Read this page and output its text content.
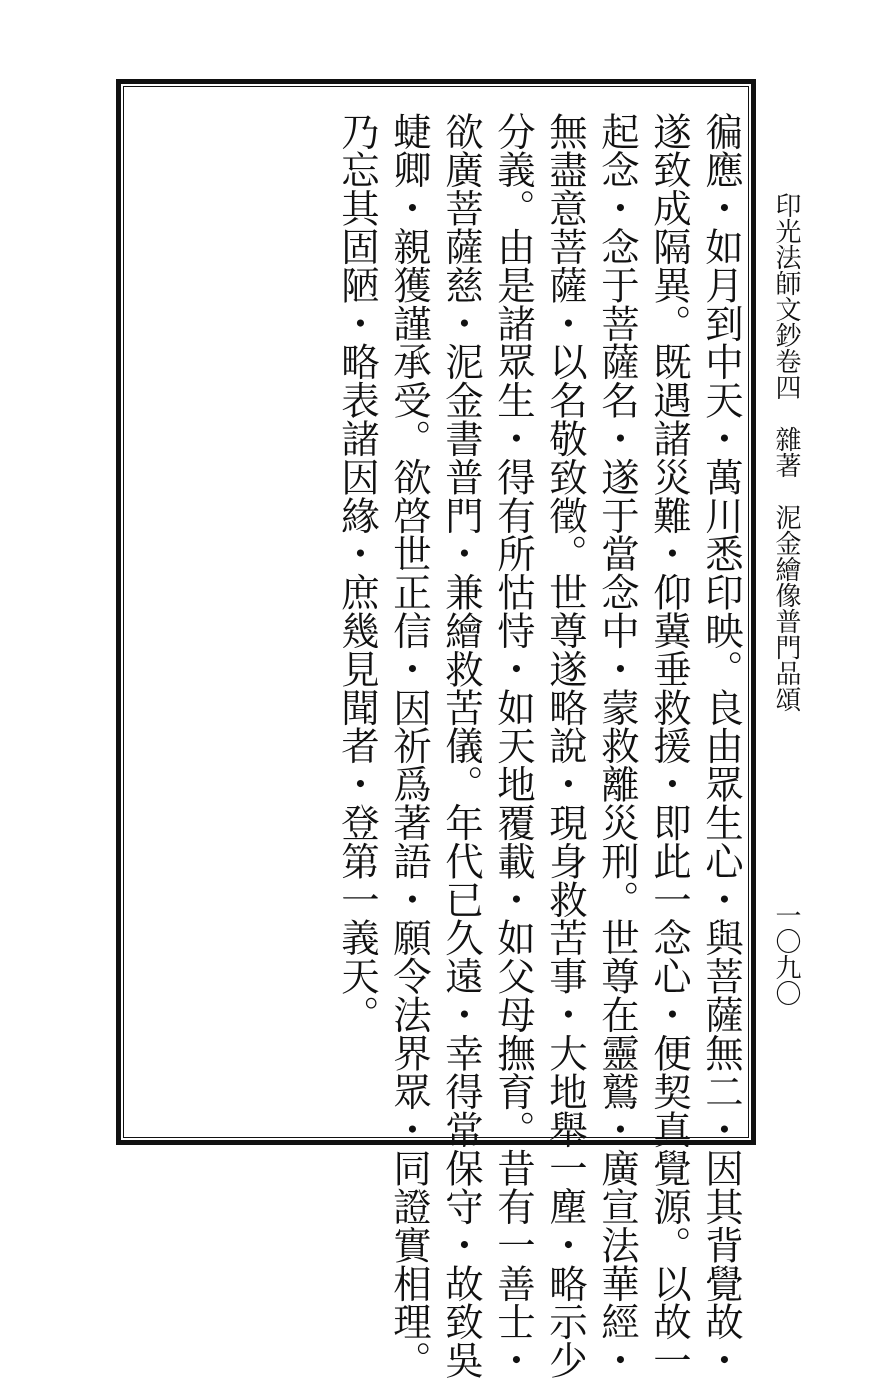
印光法師文鈔卷四　雜著　泥金繪像普門品頌
一〇九〇
徧應・如月到中天・萬川悉印映。良由眾生心・與菩薩無二・因其背覺故・
遂致成隔異。既遇諸災難・仰冀垂救援・即此一念心・便契真覺源。以故一
起念・念于菩薩名・遂于當念中・蒙救離災刑。世尊在靈鷲・廣宣法華經・
無盡意菩薩・以名敬致徵。世尊遂略說・現身救苦事・大地舉一塵・略示少
分義。由是諸眾生・得有所怙恃・如天地覆載・如父母撫育。昔有一善士・
欲廣菩薩慈・泥金書普門・兼繪救苦儀。年代已久遠・幸得常保守・故致吳
蜨卿・親獲謹承受。欲啓世正信・因祈爲著語・願令法界眾・同證實相理。
乃忘其固陋・略表諸因緣・庶幾見聞者・登第一義天。
